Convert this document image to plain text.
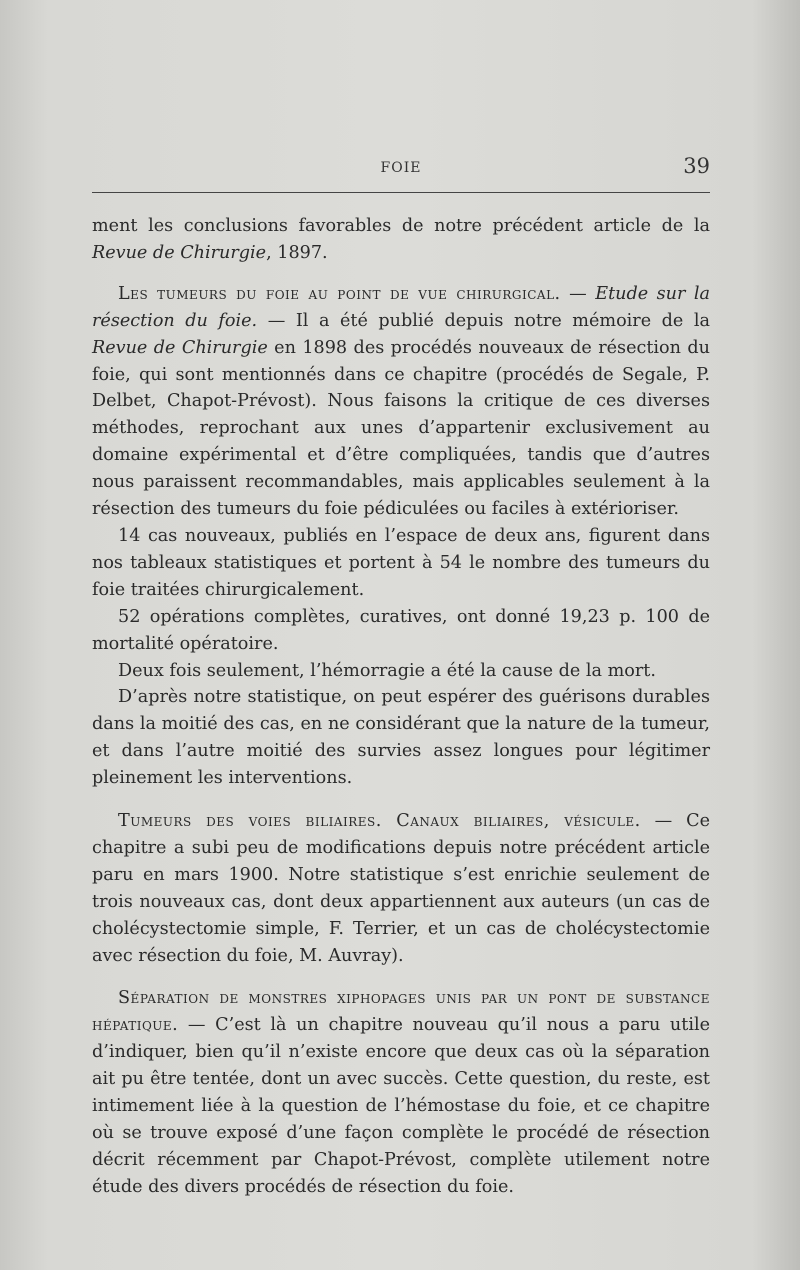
FOIE	39

ment les conclusions favorables de notre précédent article de la Revue de Chirurgie, 1897.

Les tumeurs du foie au point de vue chirurgical. — Etude sur la résection du foie. — Il a été publié depuis notre mémoire de la Revue de Chirurgie en 1898 des procédés nouveaux de résection du foie, qui sont mentionnés dans ce chapitre (procédés de Segale, P. Delbet, Chapot-Prévost). Nous faisons la critique de ces diverses méthodes, reprochant aux unes d’appartenir exclusivement au domaine expérimental et d’être compliquées, tandis que d’autres nous paraissent recommandables, mais applicables seulement à la résection des tumeurs du foie pédiculées ou faciles à extérioriser.

14 cas nouveaux, publiés en l’espace de deux ans, figurent dans nos tableaux statistiques et portent à 54 le nombre des tumeurs du foie traitées chirurgicalement.

52 opérations complètes, curatives, ont donné 19,23 p. 100 de mortalité opératoire.

Deux fois seulement, l’hémorragie a été la cause de la mort.

D’après notre statistique, on peut espérer des guérisons durables dans la moitié des cas, en ne considérant que la nature de la tumeur, et dans l’autre moitié des survies assez longues pour légitimer pleinement les interventions.

Tumeurs des voies biliaires. Canaux biliaires, vésicule. — Ce chapitre a subi peu de modifications depuis notre précédent article paru en mars 1900. Notre statistique s’est enrichie seulement de trois nouveaux cas, dont deux appartiennent aux auteurs (un cas de cholécystectomie simple, F. Terrier, et un cas de cholécystectomie avec résection du foie, M. Auvray).

Séparation de monstres xiphopages unis par un pont de substance hépatique. — C’est là un chapitre nouveau qu’il nous a paru utile d’indiquer, bien qu’il n’existe encore que deux cas où la séparation ait pu être tentée, dont un avec succès. Cette question, du reste, est intimement liée à la question de l’hémostase du foie, et ce chapitre où se trouve exposé d’une façon complète le procédé de résection décrit récemment par Chapot-Prévost, complète utilement notre étude des divers procédés de résection du foie.
